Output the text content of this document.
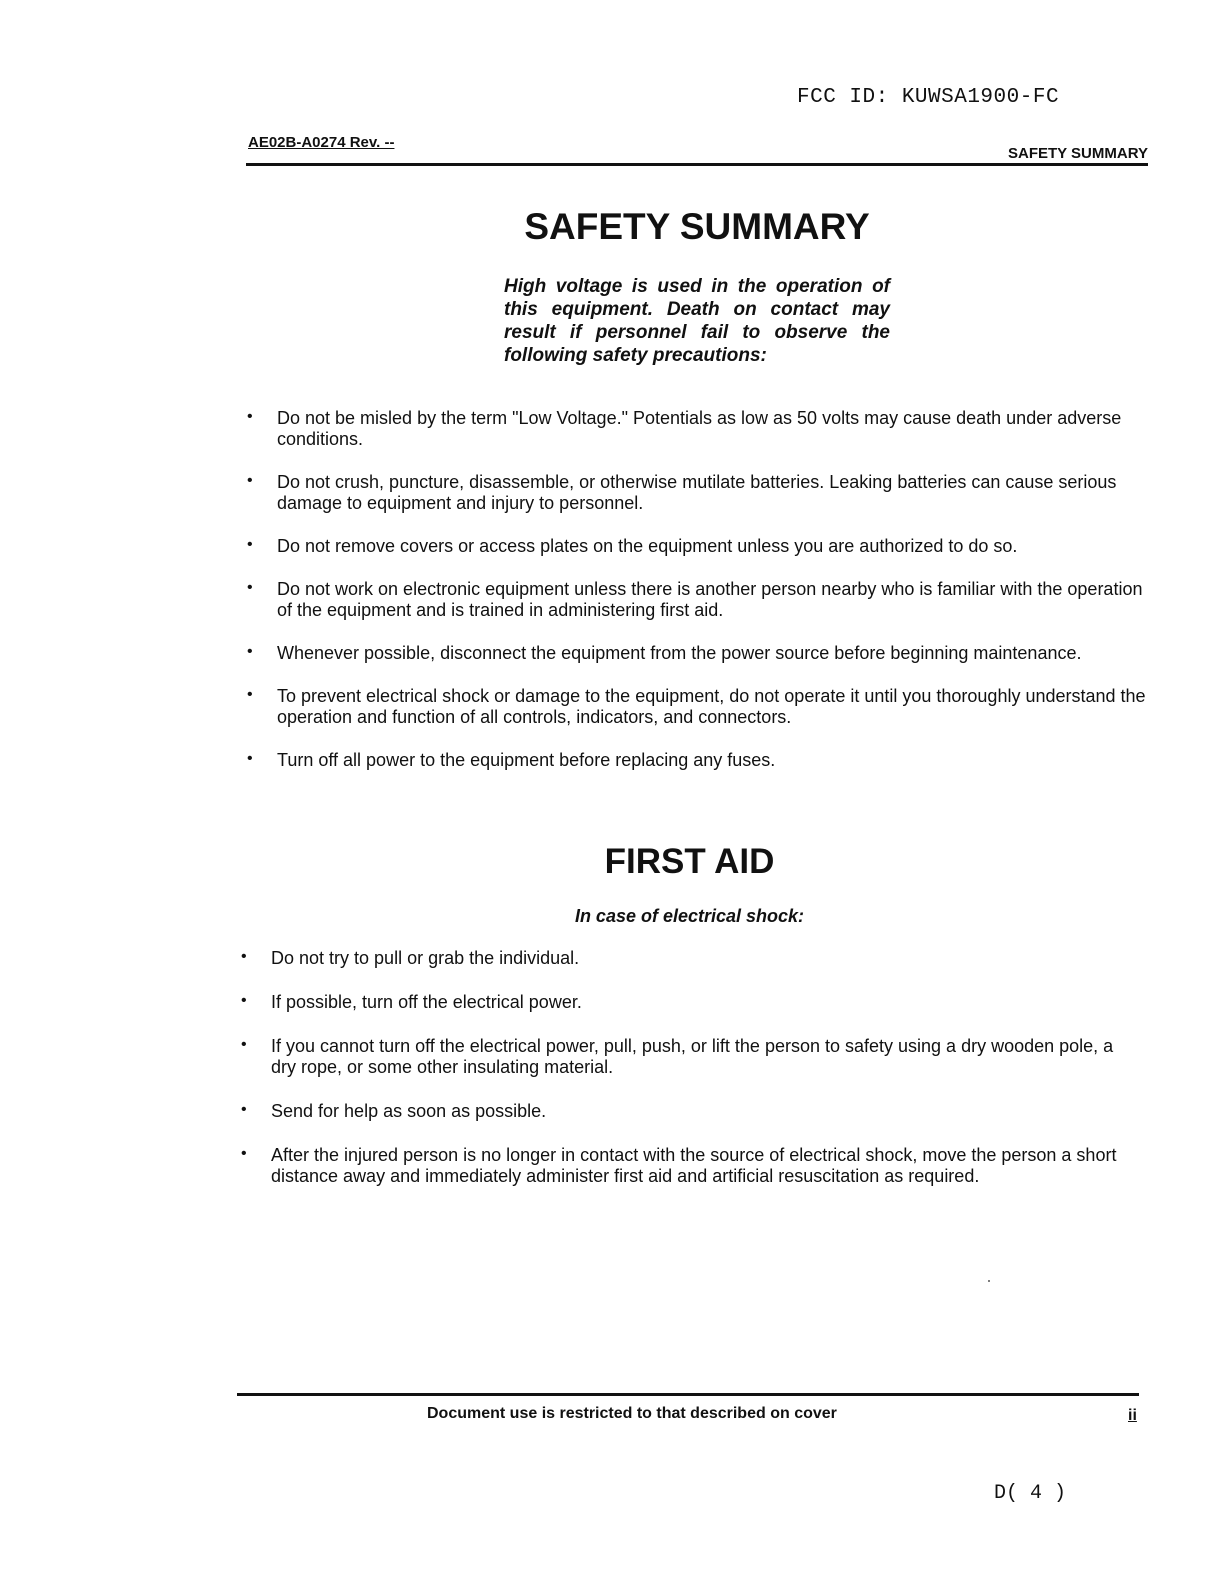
FCC ID: KUWSA1900-FC
AE02B-A0274 Rev. --
SAFETY SUMMARY
SAFETY SUMMARY

High voltage is used in the operation of this equipment. Death on contact may result if personnel fail to observe the following safety precautions:

• Do not be misled by the term "Low Voltage." Potentials as low as 50 volts may cause death under adverse conditions.
• Do not crush, puncture, disassemble, or otherwise mutilate batteries. Leaking batteries can cause serious damage to equipment and injury to personnel.
• Do not remove covers or access plates on the equipment unless you are authorized to do so.
• Do not work on electronic equipment unless there is another person nearby who is familiar with the operation of the equipment and is trained in administering first aid.
• Whenever possible, disconnect the equipment from the power source before beginning maintenance.
• To prevent electrical shock or damage to the equipment, do not operate it until you thoroughly understand the operation and function of all controls, indicators, and connectors.
• Turn off all power to the equipment before replacing any fuses.
FIRST AID
In case of electrical shock:
• Do not try to pull or grab the individual.
• If possible, turn off the electrical power.
• If you cannot turn off the electrical power, pull, push, or lift the person to safety using a dry wooden pole, a dry rope, or some other insulating material.
• Send for help as soon as possible.
• After the injured person is no longer in contact with the source of electrical shock, move the person a short distance away and immediately administer first aid and artificial resuscitation as required.
Document use is restricted to that described on cover	ii
D( 4 )
